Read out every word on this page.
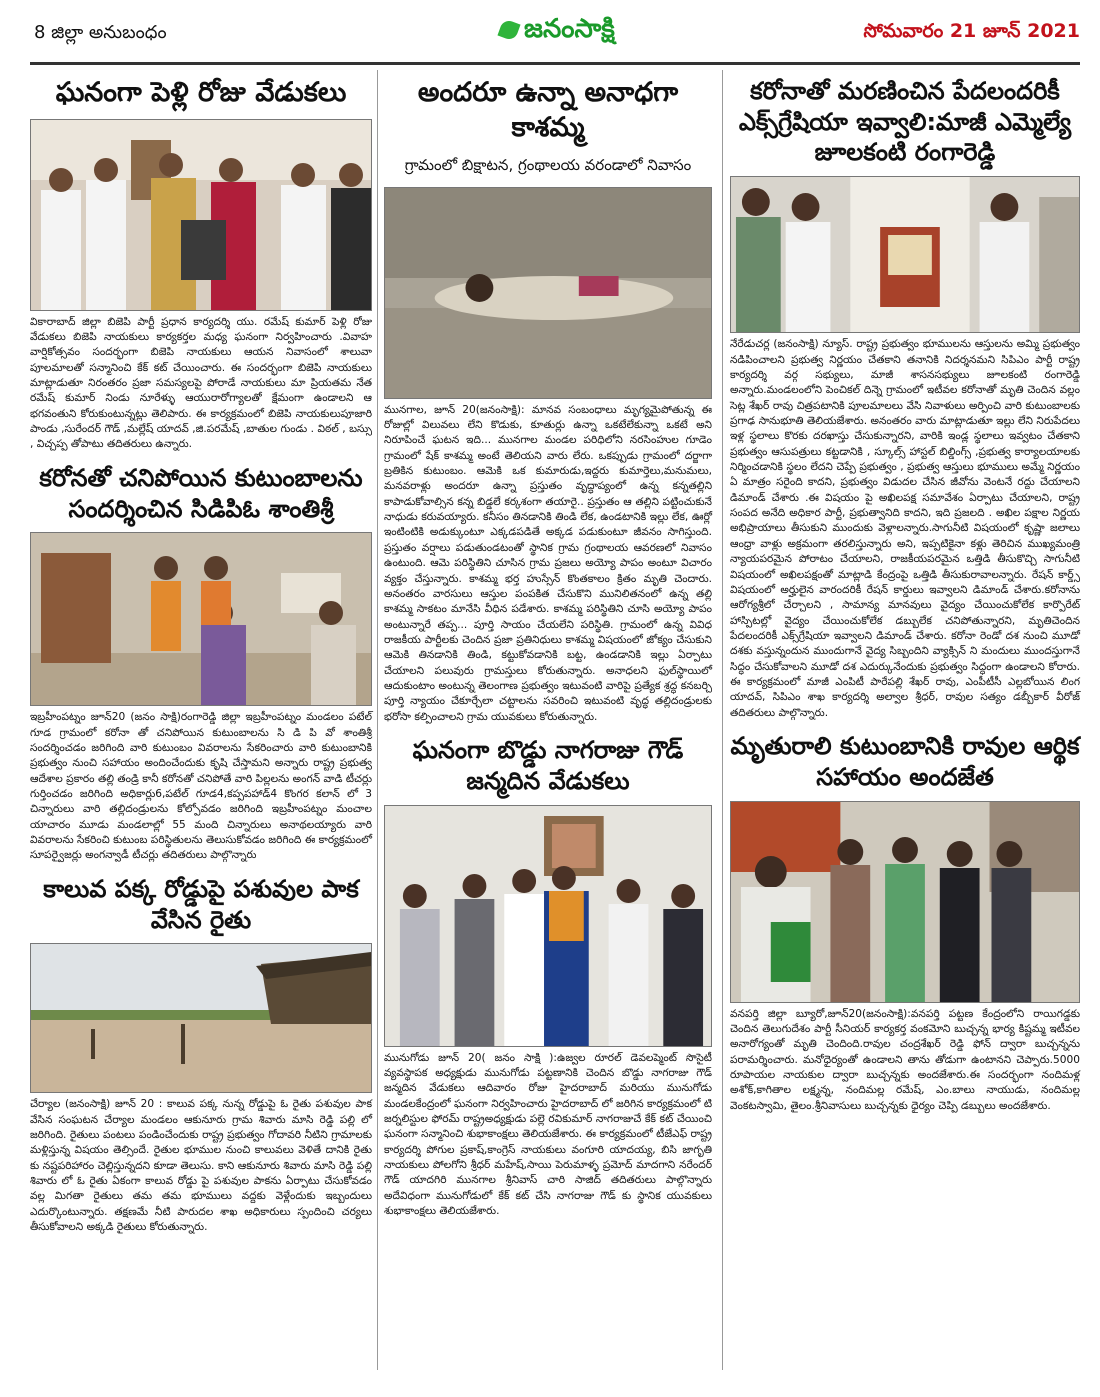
8 జిల్లా అనుబంధం	జనంసాక్షి	సోమవారం 21 జూన్ 2021
ఘనంగా పెళ్లి రోజు వేడుకలు

వికారాబాద్ జిల్లా బిజెపి పార్టీ ప్రధాన కార్యదర్శి యు. రమేష్ కుమార్ పెళ్లి రోజు వేడుకలు బిజెపి నాయకులు కార్యకర్తల మధ్య ఘనంగా నిర్వహించారు .వివాహ వార్షికోత్సవం సందర్భంగా బిజెపి నాయకులు ఆయన నివాసంలో శాలువా పూలమాలతో సన్మానించి కేక్ కట్ చేయించారు. ఈ సందర్భంగా బిజెపి నాయకులు మాట్లాడుతూ నిరంతరం ప్రజా సమస్యలపై పోరాడే నాయకులు మా ప్రియతమ నేత రమేష్ కుమార్ నిండు నూరేళ్ళు ఆయురారోగ్యాలతో క్షేమంగా ఉండాలని ఆ భగవంతుని కోరుకుంటున్నట్లు తెలిపారు. ఈ కార్యక్రమంలో బిజెపి నాయకులుపూజారి పాండు ,సురేందర్ గౌడ్ ,మల్లేష్ యాదవ్ ,జి.పరమేష్ ,బాతుల గుండు . విఠల్ , బస్సు , విచ్చప్ప తోపాటు తదితరులు ఉన్నారు.

కరోనతో చనిపోయిన కుటుంబాలను సందర్శించిన సిడిపిఓ శాంతిశ్రీ

ఇబ్రహీంపట్నం జూన్20 (జనం సాక్షి)రంగారెడ్డి జిల్లా ఇబ్రహీంపట్నం మండలం పటేల్ గూడ గ్రామంలో కరోనా తో చనిపోయిన కుటుంబాలను సి డి పి వో శాంతిశ్రీ సందర్శించడం జరిగింది వారి కుటుంబం వివరాలను సేకరించారు వారి కుటుంబానికి ప్రభుత్వం నుంచి సహాయం అందించేందుకు కృషి చేస్తామని అన్నారు రాష్ట్ర ప్రభుత్వ ఆదేశాల ప్రకారం తల్లి తండ్రి కానీ కరోనతో చనిపోతే వారి పిల్లలను అంగన్ వాడి టీచర్లు గుర్తించడం జరిగింది అధికార్లు6,పటేల్ గూడ4,కప్పపహాడ్4 కొంగర కలాన్ లో 3 చిన్నారులు వారి తల్లిదండ్రులను కోల్పోవడం జరిగింది ఇబ్రహీంపట్నం మంచాల యాచారం మూడు మండలాల్లో 55 మంది చిన్నారులు అనాథలయ్యారు వారి వివరాలను సేకరించి కుటుంబ పరిస్థితులను తెలుసుకోవడం జరిగింది ఈ కార్యక్రమంలో సూపర్వైజర్లు అంగన్వాడీ టీచర్లు తదితరులు పాల్గొన్నారు

కాలువ పక్క రోడ్డుపై పశువుల పాక వేసిన రైతు

చేర్యాల (జనంసాక్షి) జూన్ 20 : కాలువ పక్క నున్న రోడ్డుపై ఓ రైతు పశువుల పాక వేసిన సంఘటన చేర్యాల మండలం ఆకునూరు గ్రామ శివారు మాసి రెడ్డి పల్లి లో జరిగింది. రైతులు పంటలు పండించేందుకు రాష్ట్ర ప్రభుత్వం గోదావరి నీటిని గ్రామాలకు మళ్లిస్తున్న విషయం తెల్సిందే. రైతుల భూముల నుంచి కాలువలు వెళితే దానికి రైతు కు నష్టపరిహారం చెల్లిస్తున్నదని కూడా తెలుసు. కాని ఆకునూరు శివారు మాసి రెడ్డి పల్లి శివారు లో ఓ రైతు ఏకంగా కాలువ రోడ్డు పై పశువుల పాకను ఏర్పాటు చేసుకోవడం వల్ల మిగతా రైతులు తమ తమ భూములు వద్దకు వెళ్లేందుకు ఇబ్బందులు ఎదుర్కొంటున్నారు. తక్షణమే నీటి పారుదల శాఖ అధికారులు స్పందించి చర్యలు తీసుకోవాలని అక్కడి రైతులు కోరుతున్నారు.

అందరూ ఉన్నా అనాధగా కాశమ్మ
గ్రామంలో బిక్షాటన, గ్రంథాలయ వరండాలో నివాసం

మునగాల, జూన్ 20(జనంసాక్షి): మానవ సంబంధాలు మృగ్యమైపోతున్న ఈ రోజుల్లో విలువలు లేని కొడుకు, కూతుర్లు ఉన్నా ఒకటేలేకున్నా ఒకటే అని నిరూపించే ఘటన ఇది... మునగాల మండల పరిధిలోని నరసింహుల గూడెం గ్రామంలో షేక్ కాశమ్మ అంటే తెలియని వారు లేరు. ఒకప్పుడు గ్రామంలో దర్జాగా బ్రతికిన కుటుంబం. ఆమెకి ఒక కుమారుడు,ఇద్దరు కుమార్తెలు,మనుమలు, మనవరాళ్లు అందరూ ఉన్నా ప్రస్తుతం వృద్ధాప్యంలో ఉన్న కన్నతల్లిని కాపాడుకోవాల్సిన కన్న బిడ్డలే కర్కశంగా తయారై.. ప్రస్తుతం ఆ తల్లిని పట్టించుకునే నాధుడు కరువయ్యారు. కనీసం తినడానికి తిండి లేక, ఉండటానికి ఇల్లు లేక, ఊర్లో ఇంటింటికి అడుక్కుంటూ ఎక్కడపడితే అక్కడ పడుకుంటూ జీవనం సాగిస్తుంది. ప్రస్తుతం వర్షాలు పడుతుండటంతో స్థానిక గ్రామ గ్రంథాలయ ఆవరణలో నివాసం ఉంటుంది. ఆమె పరిస్థితిని చూసిన గ్రామ ప్రజలు అయ్యో పాపం అంటూ విచారం వ్యక్తం చేస్తున్నారు. కాశమ్మ భర్త హుస్సేన్ కొంతకాలం క్రితం మృతి చెందారు. అనంతరం వారసులు ఆస్తుల పంపకిత చేసుకొని మునిలితనంలో ఉన్న తల్లి కాశమ్మ సాకటం మానేసి వీధిన పడేశారు. కాశమ్మ పరిస్థితిని చూసి అయ్యో పాపం అంటున్నారే తప్ప... పూర్తి సాయం చేయలేని పరిస్థితి. గ్రామంలో ఉన్న వివిధ రాజకీయ పార్టీలకు చెందిన ప్రజా ప్రతినిధులు కాశమ్మ విషయంలో జోక్యం చేసుకుని ఆమెకి తినడానికి తిండి, కట్టుకోవడానికి బట్ట, ఉండడానికి ఇల్లు ఏర్పాటు చేయాలని పలువురు గ్రామస్తులు కోరుతున్నారు. అనాధలని ఫుల్‌స్థాయిలో ఆదుకుంటాం అంటున్న తెలంగాణ ప్రభుత్వం ఇటువంటి వారిపై ప్రత్యేక శ్రద్ధ కనబర్చి పూర్తి న్యాయం చేకూర్చేలా చట్టాలను సవరించి ఇటువంటి వృద్ధ తల్లిదండ్రులకు భరోసా కల్పించాలని గ్రామ యువకులు కోరుతున్నారు.

ఘనంగా బొడ్డు నాగరాజు గౌడ్ జన్మదిన వేడుకలు

మునుగోడు జూన్ 20( జనం సాక్షి ):ఉజ్వల రూరల్ డెవలప్మెంట్ సొసైటీ వ్యవస్థాపక అధ్యక్షుడు మునుగోడు పట్టణానికి చెందిన బొడ్డు నాగరాజు గౌడ్ జన్మదిన వేడుకలు ఆదివారం రోజు హైదరాబాద్ మరియు మునుగోడు మండలకేంద్రంలో ఘనంగా నిర్వహించారు హైదరాబాద్ లో జరిగిన కార్యక్రమంలో టి జర్నలిస్టుల ఫోరమ్ రాష్ట్రఅధ్యక్షుడు పల్లె రవికుమార్ నాగరాజుచే కేక్ కట్ చేయించి ఘనంగా సన్మానించి శుభాకాంక్షలు తెలియజేశారు. ఈ కార్యక్రమంలో టీజేఎఫ్ రాష్ట్ర కార్యదర్శి పోగుల ప్రకాష్,కాంగ్రెస్ నాయకులు వంగూరి యాదయ్య, బిసి జాగృతి నాయకులు పోలగోని శ్రీధర్ మహేష్,సాయి పెరుమాళ్ళ ప్రమోద్ మాదగాని నరేందర్ గౌడ్ యాదగిరి మునగాల శ్రీనివాస్ చారి సాజిద్ తదితరులు పాల్గొన్నారు అదేవిధంగా మునుగోడులో కేక్ కట్ చేసి నాగరాజు గౌడ్ కు స్థానిక యువకులు శుభాకాంక్షలు తెలియజేశారు.

కరోనాతో మరణించిన పేదలందరికీ ఎక్స్‌గ్రేషియా ఇవ్వాలి:మాజీ ఎమ్మెల్యే జూలకంటి రంగారెడ్డి

నేరేడుచర్ల (జనంసాక్షి) న్యూస్. రాష్ట్ర ప్రభుత్వం భూములను ఆస్తులను అమ్మి ప్రభుత్వం నడిపించాలని ప్రభుత్వ నిర్ణయం చేతకాని తనానికి నిదర్శనమని సిపిఎం పార్టీ రాష్ట్ర కార్యదర్శి వర్గ సభ్యులు, మాజీ శాసనసభ్యులు జూలకంటి రంగారెడ్డి అన్నారు.మండలంలోని పెంచికల్ దిన్నె గ్రామంలో ఇటీవల కరోనాతో మృతి చెందిన వల్లం సెట్ల శేఖర్ రావు చిత్రపటానికి పూలమాలలు వేసి నివాళులు అర్పించి వారి కుటుంబాలకు ప్రగాఢ సానుభూతి తెలియజేశారు. అనంతరం వారు మాట్లాడుతూ ఇల్లు లేని నిరుపేదలు ఇళ్ల స్థలాలు కొరకు దరఖాస్తు చేసుకున్నారని, వారికి ఇండ్ల స్థలాలు ఇవ్వటం చేతకాని ప్రభుత్వం ఆసుపత్రులు కట్టడానికి , స్కూల్స్ హాస్టల్ బిల్డింగ్స్ ,ప్రభుత్వ కార్యాలయాలకు నిర్మించడానికి స్థలం లేదని చెప్పే ప్రభుత్వం , ప్రభుత్వ ఆస్తులు భూములు అమ్మే నిర్ణయం ఏ మాత్రం సరైంది కాదని, ప్రభుత్వం విడుదల చేసిన జీవోను వెంటనే రద్దు చేయాలని డిమాండ్ చేశారు .ఈ విషయం పై అఖిలపక్ష సమావేశం ఏర్పాటు చేయాలని, రాష్ట్ర సంపద అనేది అధికార పార్టీ, ప్రభుత్వానిది కాదని, ఇది ప్రజలది . అఖిల పక్షాల నిర్ణయ అభిప్రాయాలు తీసుకుని ముందుకు వెళ్లాలన్నారు.సాగునీటి విషయంలో కృష్ణా జలాలు ఆంధ్రా వాళ్లు అక్రమంగా తరలిస్తున్నారు అని, ఇప్పటికైనా కళ్లు తెరిచిన ముఖ్యమంత్రి న్యాయపరమైన పోరాటం చేయాలని, రాజకీయపరమైన ఒత్తిడి తీసుకొచ్చి సాగునీటి విషయంలో అఖిలపక్షంతో మాట్లాడి కేంద్రంపై ఒత్తిడి తీసుకురావాలన్నారు. రేషన్ కార్డ్స్ విషయంలో అర్హులైన వారందరికీ రేషన్ కార్డులు ఇవ్వాలని డిమాండ్ చేశారు.కరోనాను ఆరోగ్యశ్రీలో చేర్చాలని , సామాన్య మానవులు వైద్యం చేయించుకోలేక కార్పొరేట్ హాస్పిటల్లో వైద్యం చేయించుకోలేక డబ్బులేక చనిపోతున్నారని, మృతిచెందిన పేదలందరికీ ఎక్స్‌గ్రేషియా ఇవ్వాలని డిమాండ్ చేశారు. కరోనా రెండో దశ నుంచి మూడో దశకు వస్తున్నందున ముందుగానే వైద్య సిబ్బందిని వ్యాక్సిన్ ని మందులు ముందస్తుగానే సిద్ధం చేసుకోవాలని మూడో దశ ఎదుర్కునేందుకు ప్రభుత్వం సిద్ధంగా ఉండాలని కోరారు. ఈ కార్యక్రమంలో మాజీ ఎంపిటీ పారేపల్లి శేఖర్ రావు, ఎంపీటీసీ ఎల్లబోయిన లింగ యాదవ్, సిపిఎం శాఖ కార్యదర్శి అల్వాల శ్రీధర్, రావుల సత్యం డబ్బీకార్ వీరోజ్ తదితరులు పాల్గొన్నారు.

మృతురాలి కుటుంబానికి రావుల ఆర్థిక సహాయం అందజేత

వనపర్తి జిల్లా బ్యూరో,జూన్20(జనంసాక్షి):వనపర్తి పట్టణ కేంద్రంలోని రాయిగడ్డకు చెందిన తెలుగుదేశం పార్టీ సీనియర్ కార్యకర్త వంకమోని బుచ్చన్న భార్య కిష్టమ్మ ఇటీవల అనారోగ్యంతో మృతి చెందింది.రావుల చంద్రశేఖర్ రెడ్డి ఫోన్ ద్వారా బుచ్చన్నను పరామర్శించారు. మనోధైర్యంతో ఉండాలని తాను తోడుగా ఉంటానని చెప్పారు.5000 రూపాయల నాయకుల ద్వారా బుచ్చన్నకు అందజేశారు.ఈ సందర్భంగా నందిమళ్ల అశోక్,కాగితాల లక్ష్మన్న, నందిమల్ల రమేష్, ఎం.బాలు నాయుడు, నందిమల్ల వెంకటస్వామి, తైలం.శ్రీనివాసులు బుచ్చన్నకు ధైర్యం చెప్పి డబ్బులు అందజేశారు.
